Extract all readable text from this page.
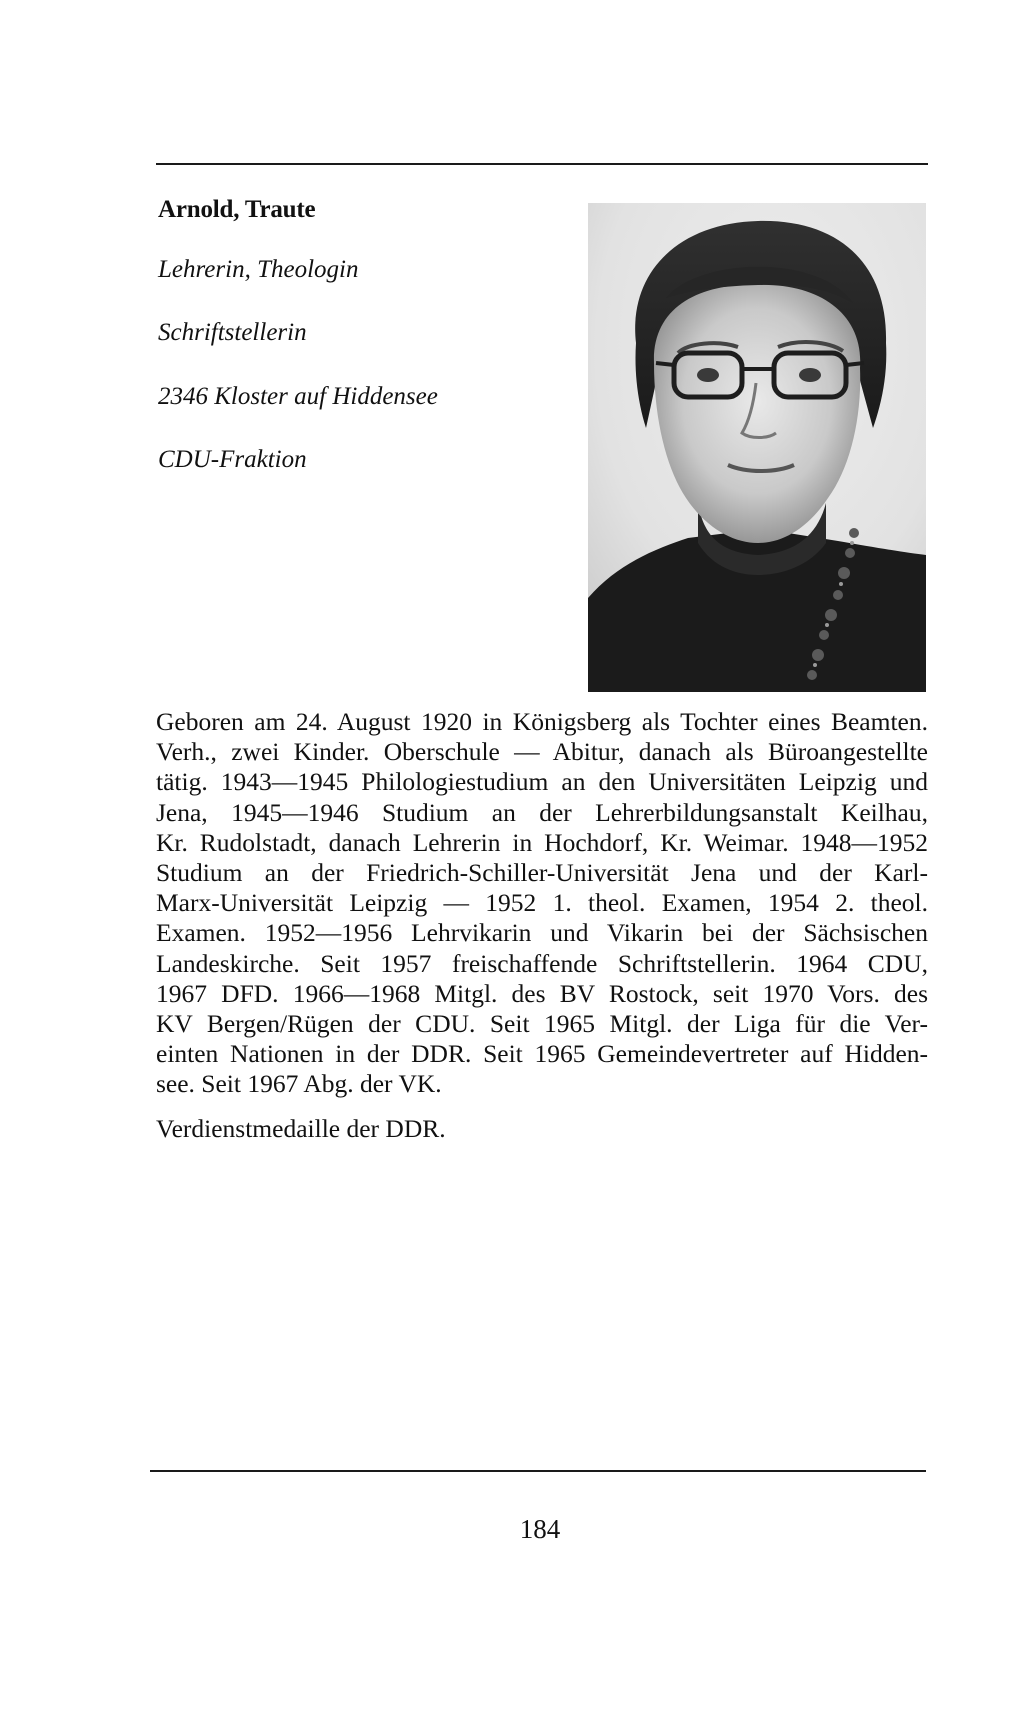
Arnold, Traute
Lehrerin, Theologin
Schriftstellerin
2346 Kloster auf Hiddensee
CDU-Fraktion
Geboren am 24. August 1920 in Königsberg als Tochter eines Beamten.
Verh., zwei Kinder. Oberschule — Abitur, danach als Büroangestellte
tätig. 1943—1945 Philologiestudium an den Universitäten Leipzig und
Jena, 1945—1946 Studium an der Lehrerbildungsanstalt Keilhau,
Kr. Rudolstadt, danach Lehrerin in Hochdorf, Kr. Weimar. 1948—1952
Studium an der Friedrich-Schiller-Universität Jena und der Karl-
Marx-Universität Leipzig — 1952 1. theol. Examen, 1954 2. theol.
Examen. 1952—1956 Lehrvikarin und Vikarin bei der Sächsischen
Landeskirche. Seit 1957 freischaffende Schriftstellerin. 1964 CDU,
1967 DFD. 1966—1968 Mitgl. des BV Rostock, seit 1970 Vors. des
KV Bergen/Rügen der CDU. Seit 1965 Mitgl. der Liga für die Ver-
einten Nationen in der DDR. Seit 1965 Gemeindevertreter auf Hidden-
see. Seit 1967 Abg. der VK.
Verdienstmedaille der DDR.
184
